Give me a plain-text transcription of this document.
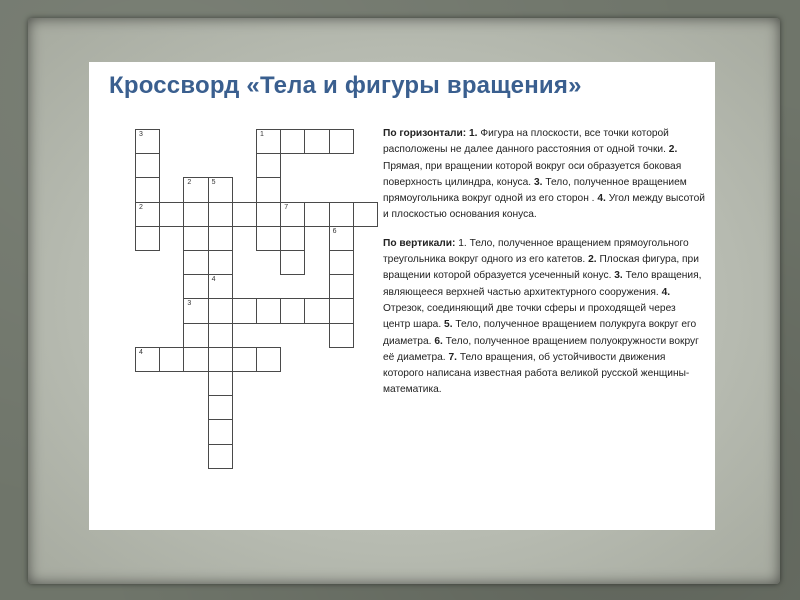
Кроссворд «Тела и фигуры вращения»
3	1
2	5
2	7
6
4
3
4

По горизонтали: 1. Фигура на плоскости, все точки которой расположены не далее данного расстояния от одной точки. 2. Прямая, при вращении которой вокруг оси образуется боковая поверхность цилиндра, конуса. 3. Тело, полученное вращением прямоугольника вокруг одной из его сторон . 4. Угол между высотой и плоскостью основания конуса.

По вертикали: 1. Тело, полученное вращением прямоугольного треугольника вокруг одного из его катетов. 2. Плоская фигура, при вращении которой образуется усеченный конус. 3. Тело вращения, являющееся верхней частью архитектурного сооружения. 4. Отрезок, соединяющий две точки сферы и проходящей через центр шара. 5. Тело, полученное вращением полукруга вокруг его диаметра. 6. Тело, полученное вращением полуокружности вокруг её диаметра. 7. Тело вращения, об устойчивости движения которого написана известная работа великой русской женщины-математика.
